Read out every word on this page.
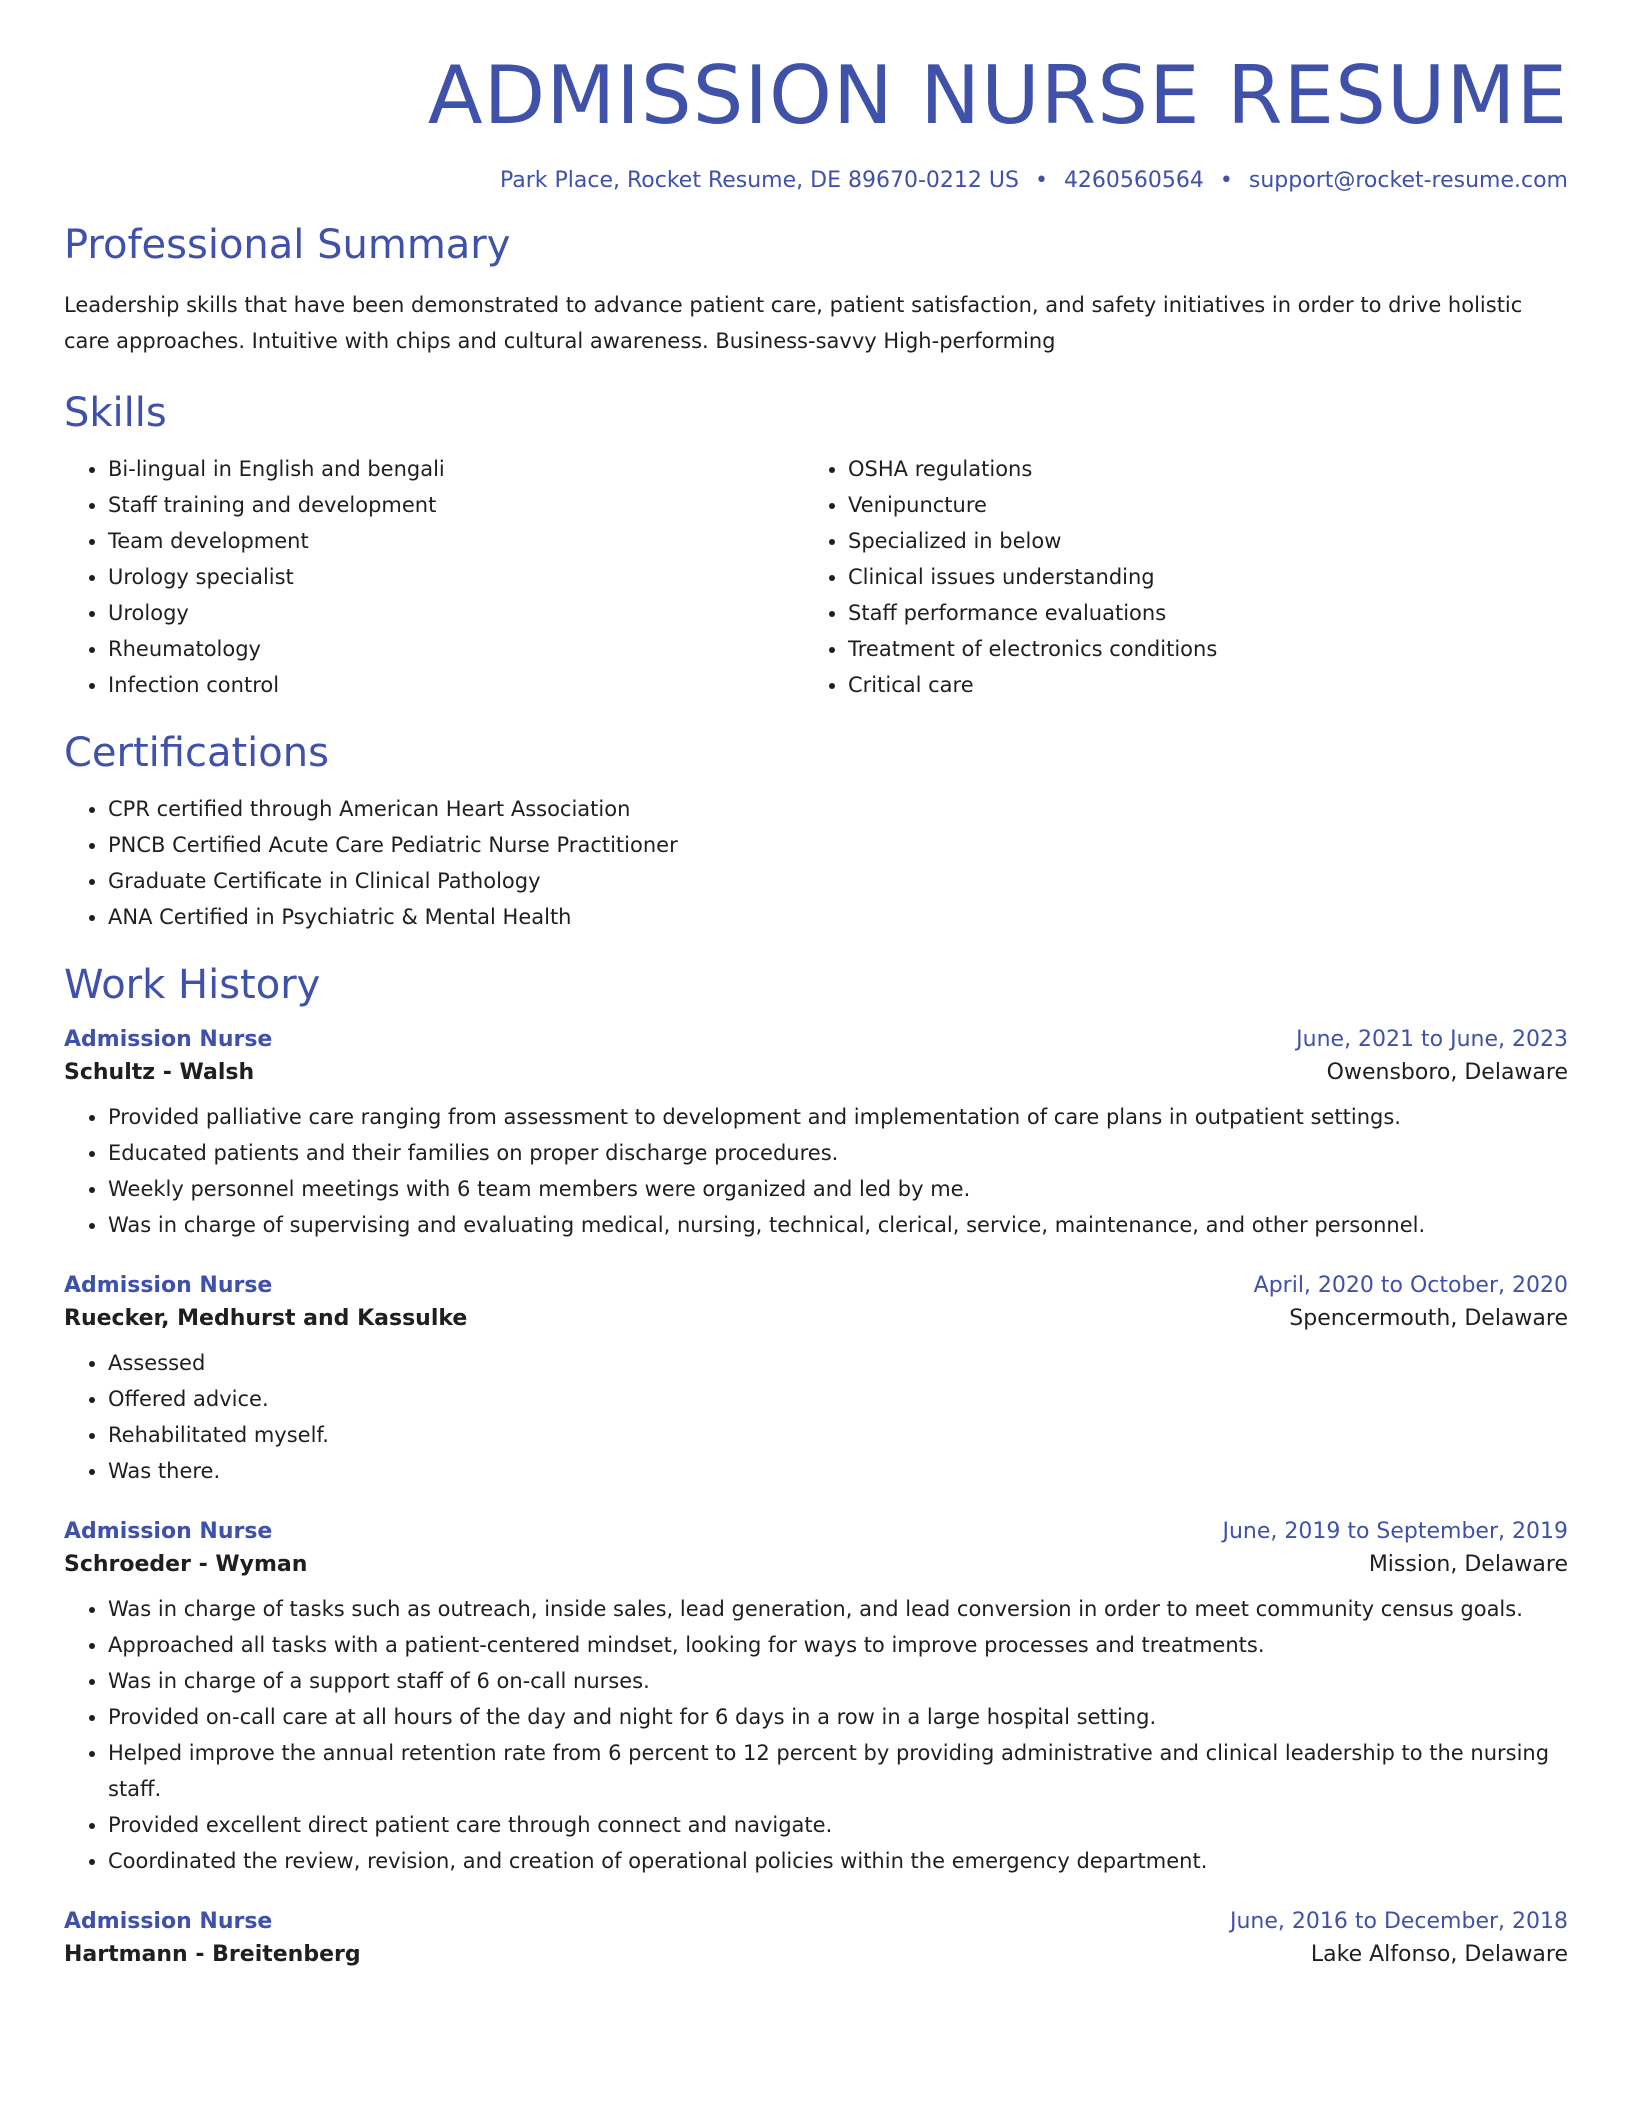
ADMISSION NURSE RESUME
Park Place, Rocket Resume, DE 89670-0212 US • 4260560564 • support@rocket-resume.com
Professional Summary

Leadership skills that have been demonstrated to advance patient care, patient satisfaction, and safety initiatives in order to drive holistic care approaches. Intuitive with chips and cultural awareness. Business-savvy High-performing

Skills
• Bi-lingual in English and bengali
• Staff training and development
• Team development
• Urology specialist
• Urology
• Rheumatology
• Infection control
• OSHA regulations
• Venipuncture
• Specialized in below
• Clinical issues understanding
• Staff performance evaluations
• Treatment of electronics conditions
• Critical care
Certifications
• CPR certified through American Heart Association
• PNCB Certified Acute Care Pediatric Nurse Practitioner
• Graduate Certificate in Clinical Pathology
• ANA Certified in Psychiatric & Mental Health
Work History
Admission Nurse	June, 2021 to June, 2023
Schultz - Walsh	Owensboro, Delaware
• Provided palliative care ranging from assessment to development and implementation of care plans in outpatient settings.
• Educated patients and their families on proper discharge procedures.
• Weekly personnel meetings with 6 team members were organized and led by me.
• Was in charge of supervising and evaluating medical, nursing, technical, clerical, service, maintenance, and other personnel.
Admission Nurse	April, 2020 to October, 2020
Ruecker, Medhurst and Kassulke	Spencermouth, Delaware
• Assessed
• Offered advice.
• Rehabilitated myself.
• Was there.
Admission Nurse	June, 2019 to September, 2019
Schroeder - Wyman	Mission, Delaware
• Was in charge of tasks such as outreach, inside sales, lead generation, and lead conversion in order to meet community census goals.
• Approached all tasks with a patient-centered mindset, looking for ways to improve processes and treatments.
• Was in charge of a support staff of 6 on-call nurses.
• Provided on-call care at all hours of the day and night for 6 days in a row in a large hospital setting.
• Helped improve the annual retention rate from 6 percent to 12 percent by providing administrative and clinical leadership to the nursing staff.
• Provided excellent direct patient care through connect and navigate.
• Coordinated the review, revision, and creation of operational policies within the emergency department.
Admission Nurse	June, 2016 to December, 2018
Hartmann - Breitenberg	Lake Alfonso, Delaware
